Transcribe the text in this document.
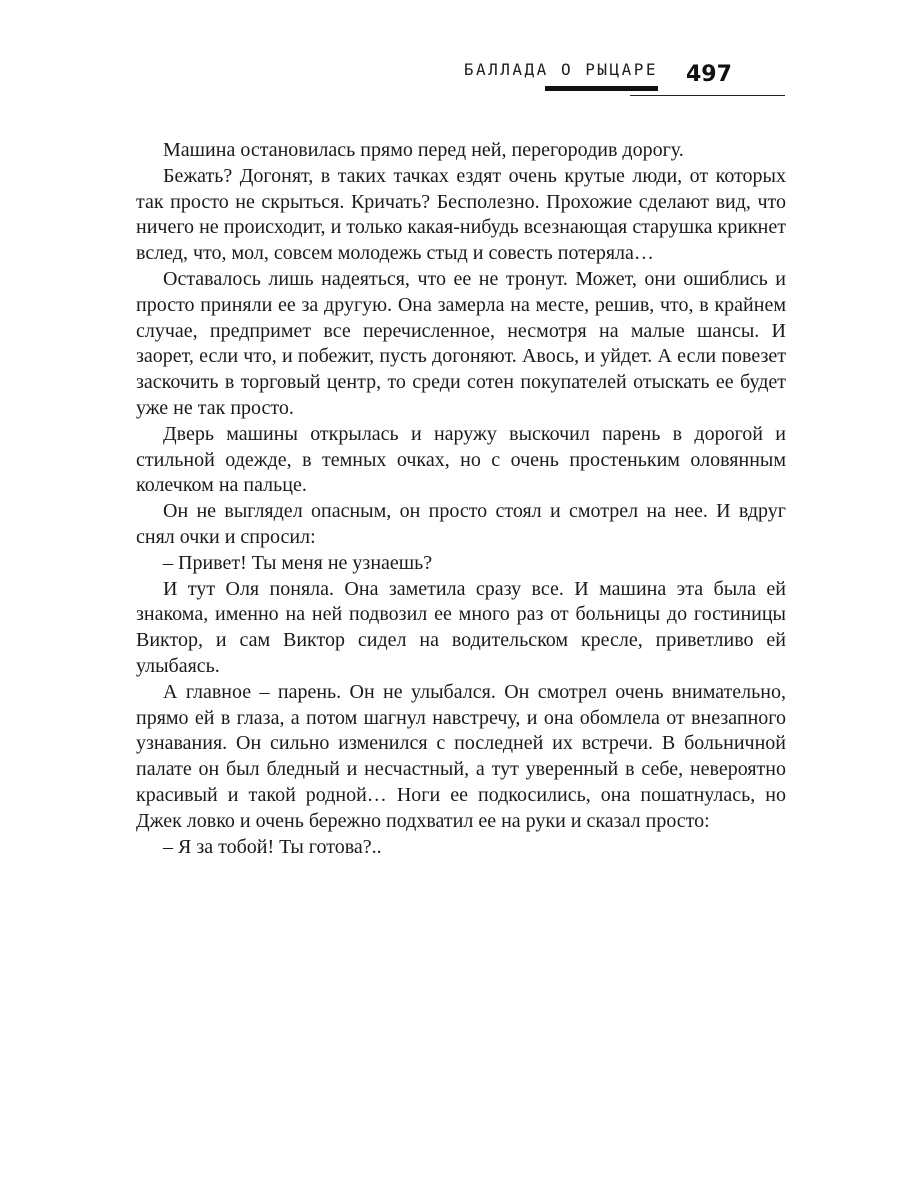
БАЛЛАДА О РЫЦАРЕ 497

Машина остановилась прямо перед ней, перегородив дорогу.

Бежать? Догонят, в таких тачках ездят очень крутые люди, от которых так просто не скрыться. Кричать? Бесполезно. Прохожие сделают вид, что ничего не происходит, и только какая-нибудь всезнающая старушка крикнет вслед, что, мол, совсем молодежь стыд и совесть потеряла…

Оставалось лишь надеяться, что ее не тронут. Может, они ошиблись и просто приняли ее за другую. Она замерла на месте, решив, что, в крайнем случае, предпримет все перечисленное, несмотря на малые шансы. И заорет, если что, и побежит, пусть догоняют. Авось, и уйдет. А если повезет заскочить в торговый центр, то среди сотен покупателей отыскать ее будет уже не так просто.

Дверь машины открылась и наружу выскочил парень в дорогой и стильной одежде, в темных очках, но с очень простеньким оловянным колечком на пальце.

Он не выглядел опасным, он просто стоял и смотрел на нее. И вдруг снял очки и спросил:

– Привет! Ты меня не узнаешь?

И тут Оля поняла. Она заметила сразу все. И машина эта была ей знакома, именно на ней подвозил ее много раз от больницы до гостиницы Виктор, и сам Виктор сидел на водительском кресле, приветливо ей улыбаясь.

А главное – парень. Он не улыбался. Он смотрел очень внимательно, прямо ей в глаза, а потом шагнул навстречу, и она обомлела от внезапного узнавания. Он сильно изменился с последней их встречи. В больничной палате он был бледный и несчастный, а тут уверенный в себе, невероятно красивый и такой родной… Ноги ее подкосились, она пошатнулась, но Джек ловко и очень бережно подхватил ее на руки и сказал просто:

– Я за тобой! Ты готова?..
